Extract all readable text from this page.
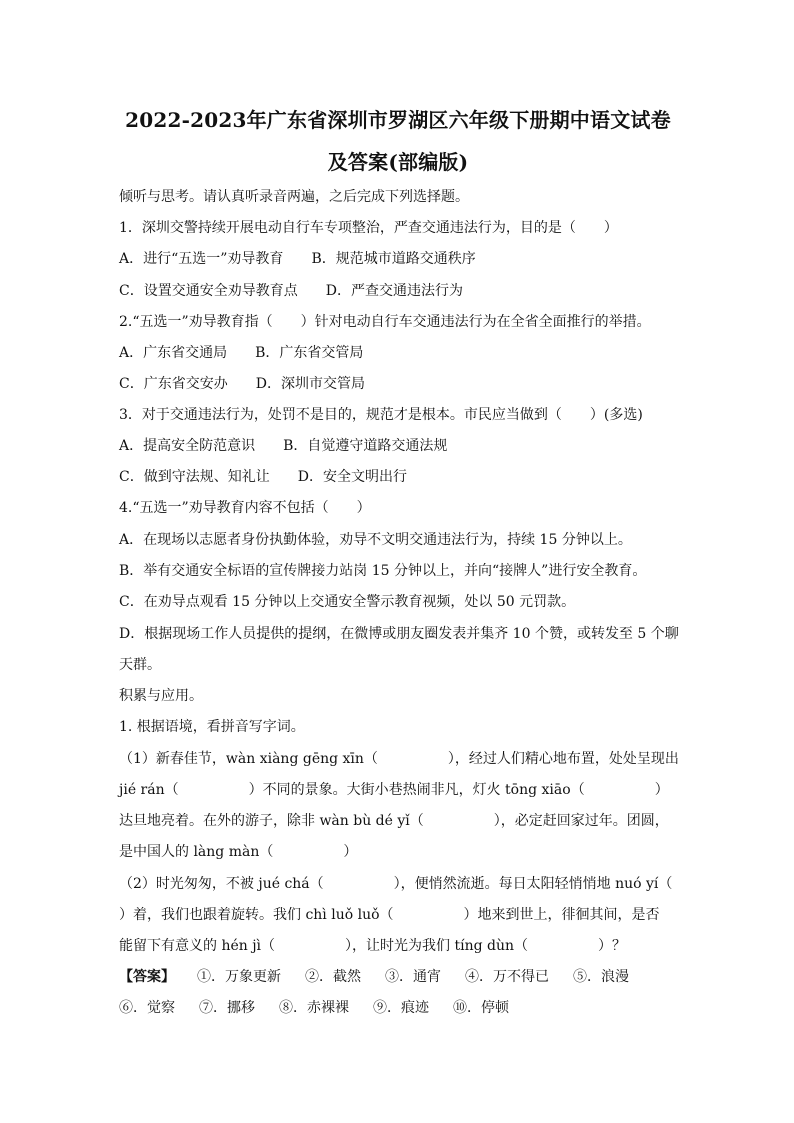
2022-2023年广东省深圳市罗湖区六年级下册期中语文试卷
及答案(部编版)
倾听与思考。请认真听录音两遍，之后完成下列选择题。
1．深圳交警持续开展电动自行车专项整治，严查交通违法行为，目的是（　　）
A．进行“五选一”劝导教育 B．规范城市道路交通秩序
C．设置交通安全劝导教育点 D．严查交通违法行为
2.“五选一”劝导教育指（　　）针对电动自行车交通违法行为在全省全面推行的举措。
A．广东省交通局 B．广东省交管局
C．广东省交安办 D．深圳市交管局
3．对于交通违法行为，处罚不是目的，规范才是根本。市民应当做到（　　）(多选)
A．提高安全防范意识 B．自觉遵守道路交通法规
C．做到守法规、知礼让 D．安全文明出行
4.“五选一”劝导教育内容不包括（　　）
A．在现场以志愿者身份执勤体验，劝导不文明交通违法行为，持续 15 分钟以上。
B．举有交通安全标语的宣传牌接力站岗 15 分钟以上，并向“接牌人”进行安全教育。
C．在劝导点观看 15 分钟以上交通安全警示教育视频，处以 50 元罚款。
D．根据现场工作人员提供的提纲，在微博或朋友圈发表并集齐 10 个赞，或转发至 5 个聊
天群。
积累与应用。
1. 根据语境，看拼音写字词。
（1）新春佳节，wàn xiàng gēng xīn（　　　　　），经过人们精心地布置，处处呈现出
jié rán（　　　　　）不同的景象。大街小巷热闹非凡，灯火 tōng xiāo（　　　　　）
达旦地亮着。在外的游子，除非 wàn bù dé yǐ（　　　　　），必定赶回家过年。团圆，
是中国人的 làng màn（　　　　　）
（2）时光匆匆，不被 jué chá（　　　　　），便悄然流逝。每日太阳轻悄悄地 nuó yí（
）着，我们也跟着旋转。我们 chì luǒ luǒ（　　　　　）地来到世上，徘徊其间，是否
能留下有意义的 hén jì（　　　　　），让时光为我们 tíng dùn（　　　　　）？
【答案】 ①．万象更新 ②．截然 ③．通宵 ④．万不得已 ⑤．浪漫
⑥．觉察 ⑦．挪移 ⑧．赤裸裸 ⑨．痕迹 ⑩．停顿
